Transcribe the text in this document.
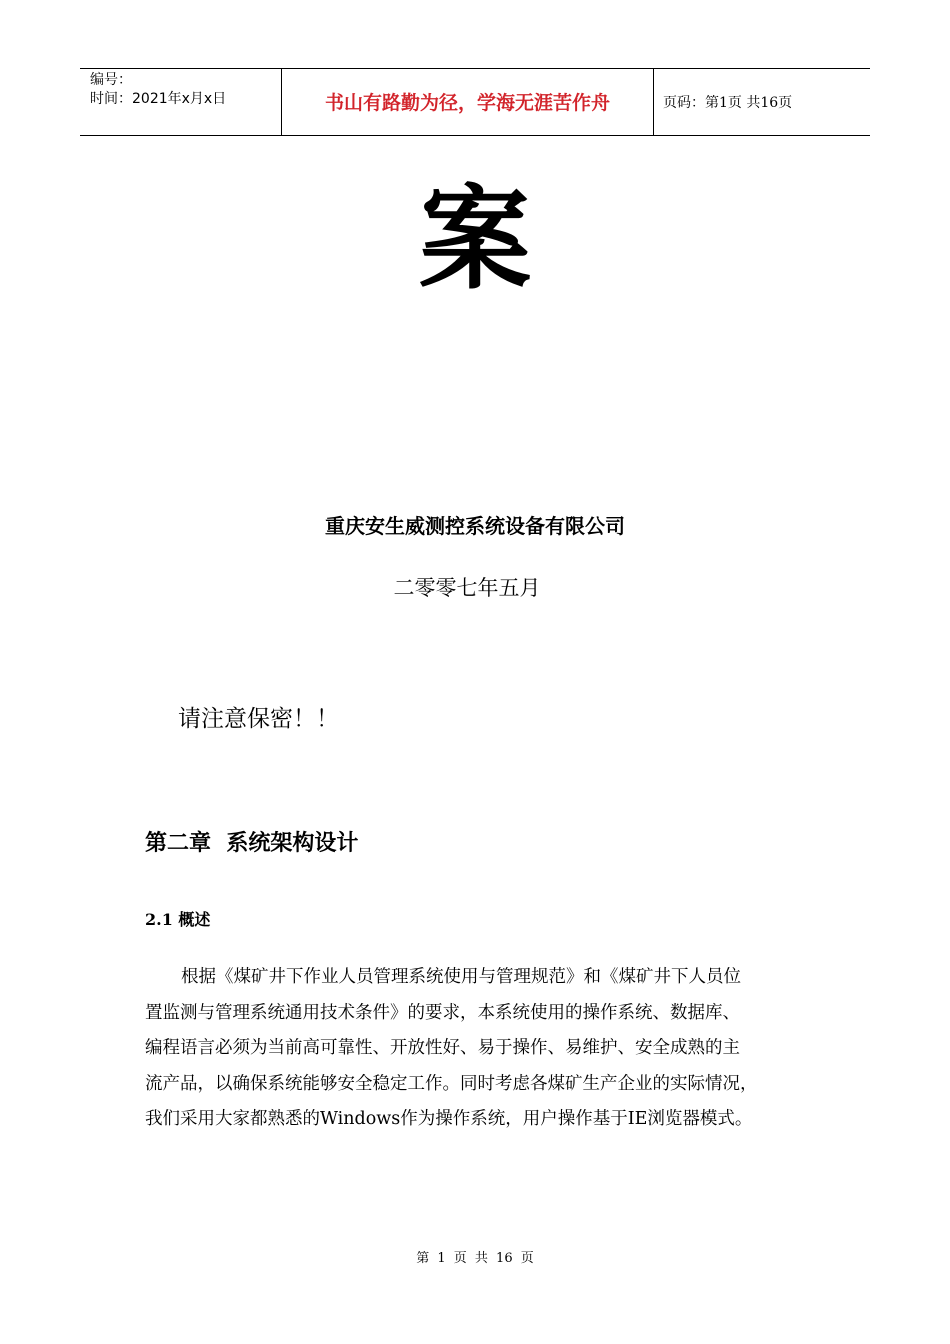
编号：
时间：2021年x月x日	书山有路勤为径，学海无涯苦作舟	页码：第1页 共16页
案
重庆安生威测控系统设备有限公司
二零零七年五月
请注意保密！！
第二章  系统架构设计
2.1 概述

根据《煤矿井下作业人员管理系统使用与管理规范》和《煤矿井下人员位

置监测与管理系统通用技术条件》的要求，本系统使用的操作系统、数据库、

编程语言必须为当前高可靠性、开放性好、易于操作、易维护、安全成熟的主

流产品，以确保系统能够安全稳定工作。同时考虑各煤矿生产企业的实际情况，

我们采用大家都熟悉的Windows作为操作系统，用户操作基于IE浏览器模式。

第 1 页 共 16 页
